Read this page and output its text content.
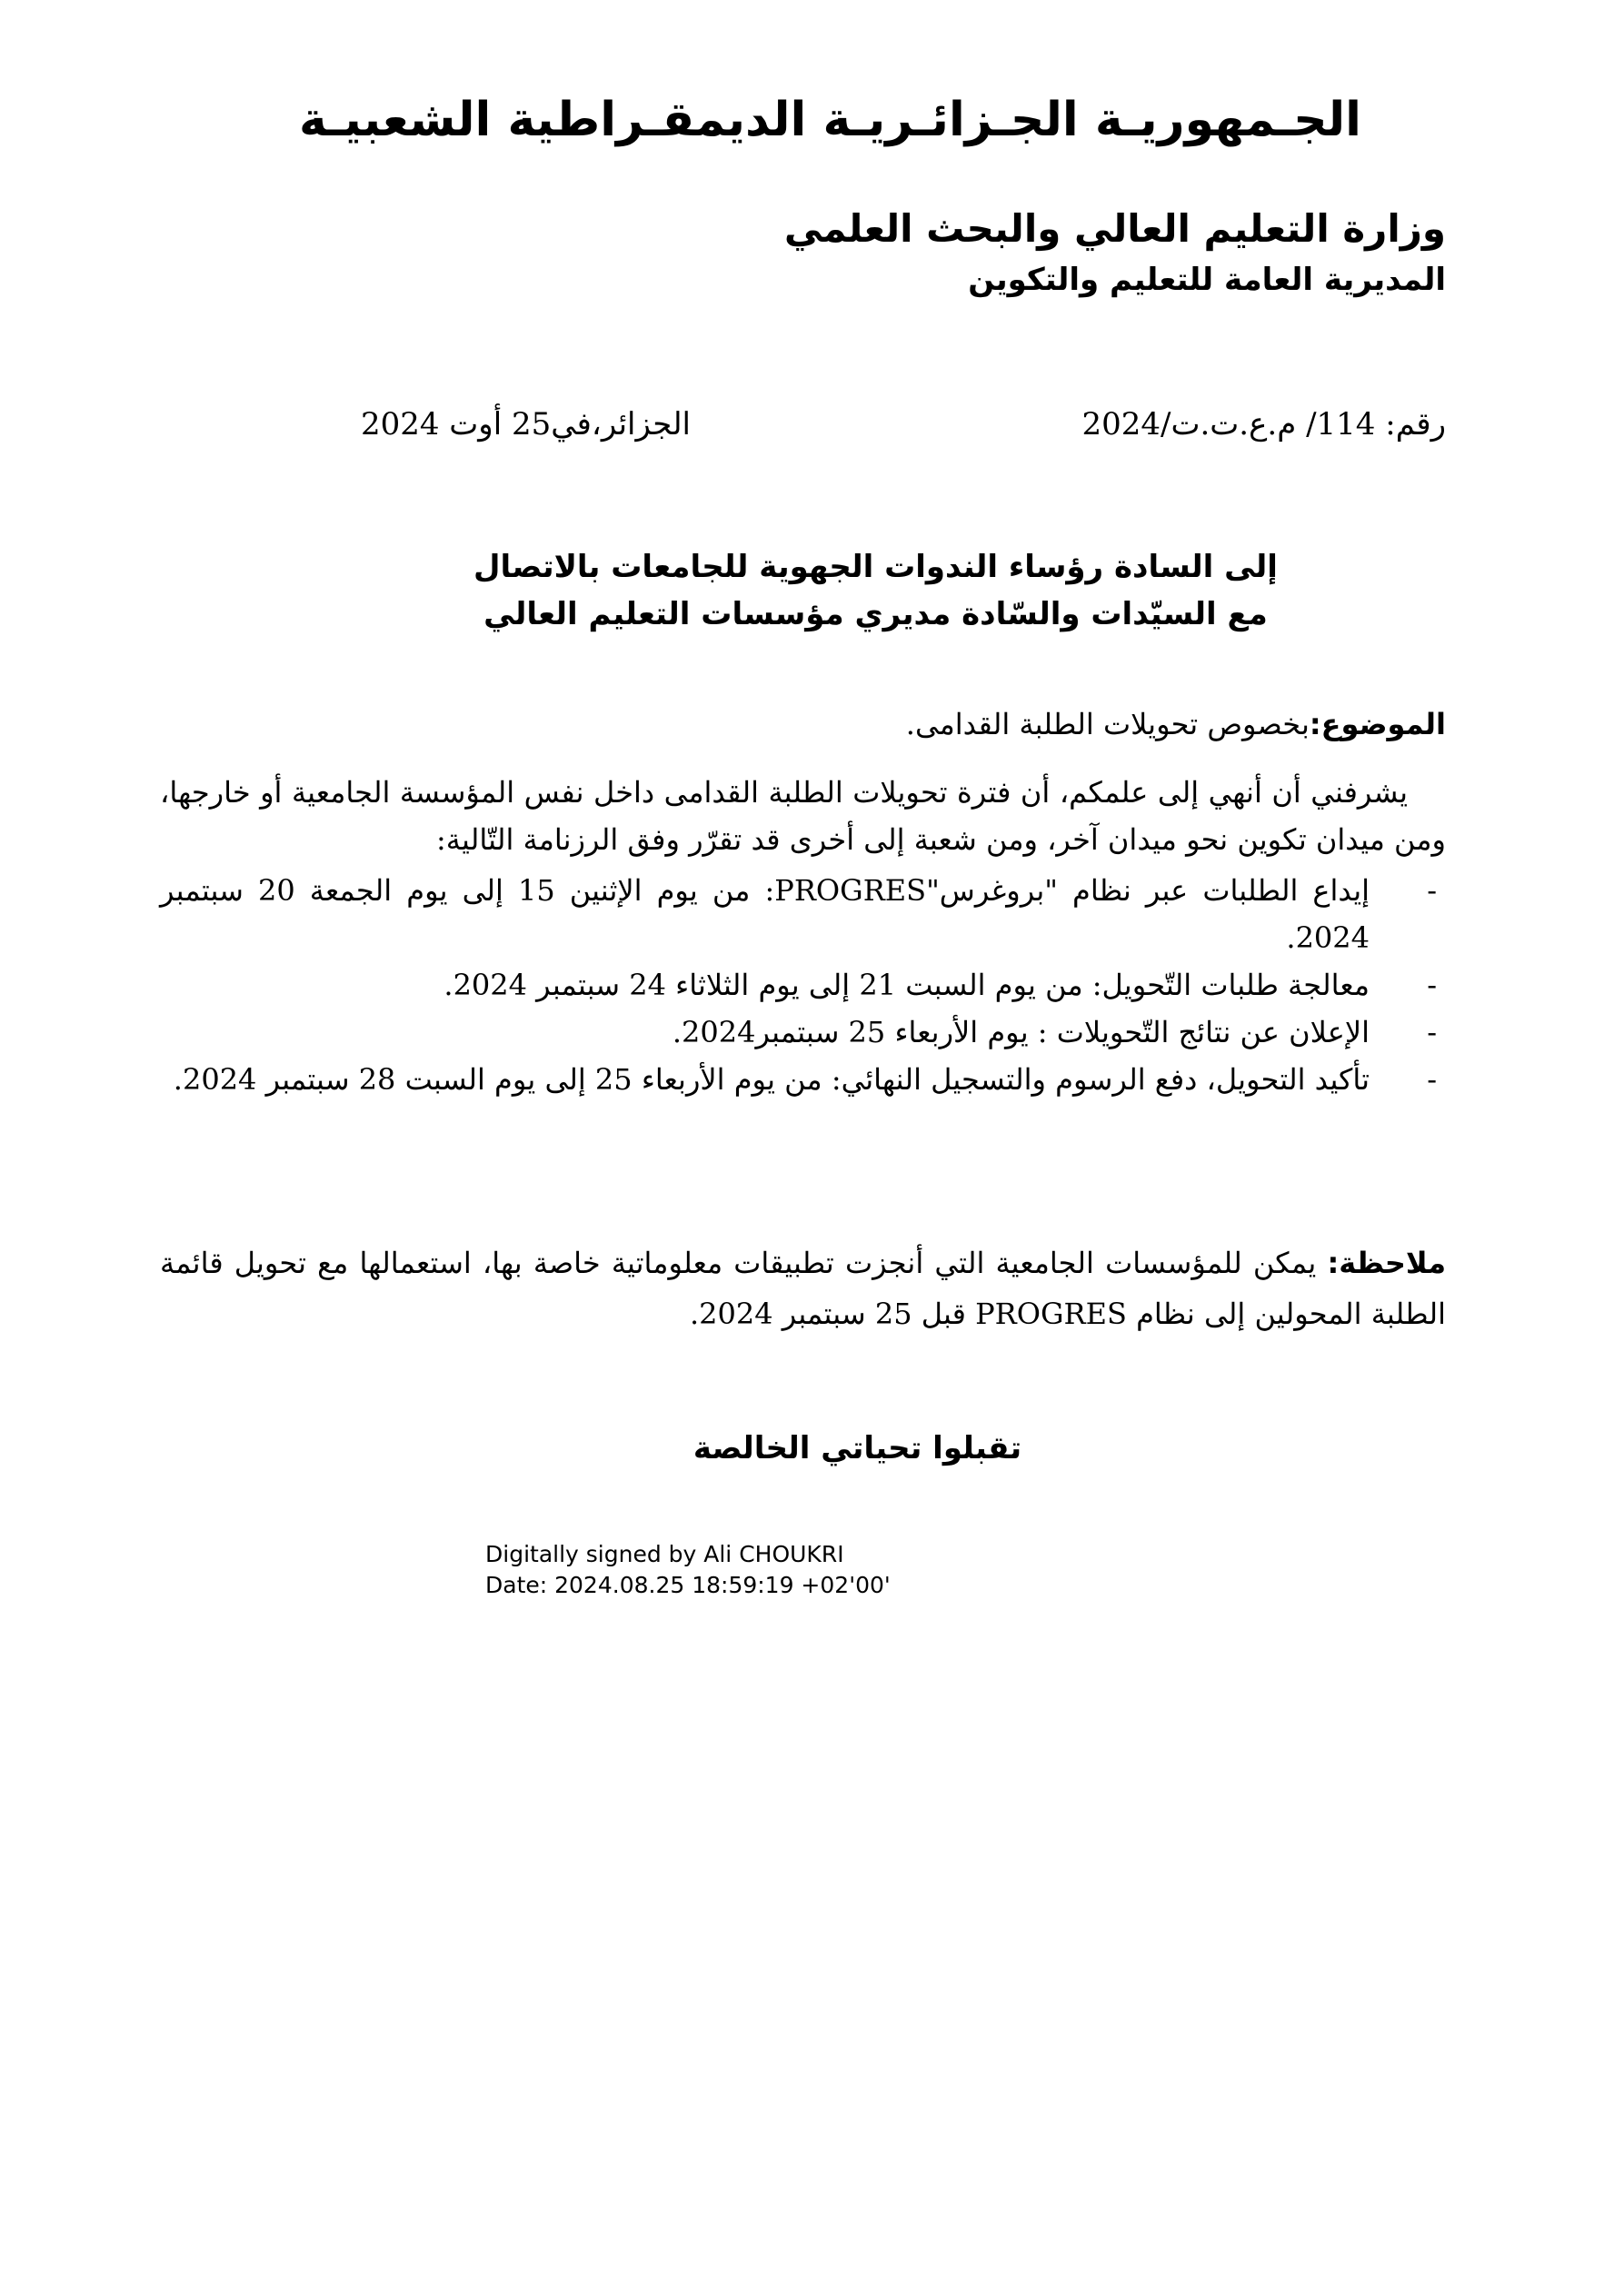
الجـمهوريـة الجـزائـريـة الديمقـراطية الشعبيـة
وزارة التعليم العالي والبحث العلمي
المديرية العامة للتعليم والتكوين
رقم: 114/ م.ع.ت.ت/2024
الجزائر،في25 أوت 2024
إلى السادة رؤساء الندوات الجهوية للجامعات بالاتصال
مع السيّدات والسّادة مديري مؤسسات التعليم العالي
الموضوع:بخصوص تحويلات الطلبة القدامى.
يشرفني أن أنهي إلى علمكم، أن فترة تحويلات الطلبة القدامى داخل نفس المؤسسة الجامعية أو خارجها، ومن ميدان تكوين نحو ميدان آخر، ومن شعبة إلى أخرى قد تقرّر وفق الرزنامة التّالية:
-
إيداع الطلبات عبر نظام "بروغرس"PROGRES: من يوم الإثنين 15 إلى يوم الجمعة 20 سبتمبر 2024.
-
معالجة طلبات التّحويل: من يوم السبت 21 إلى يوم الثلاثاء 24 سبتمبر 2024.
-
الإعلان عن نتائج التّحويلات : يوم الأربعاء 25 سبتمبر2024.
-
تأكيد التحويل، دفع الرسوم والتسجيل النهائي: من يوم الأربعاء 25 إلى يوم السبت 28 سبتمبر 2024.
ملاحظة: يمكن للمؤسسات الجامعية التي أنجزت تطبيقات معلوماتية خاصة بها، استعمالها مع تحويل قائمة الطلبة المحولين إلى نظام PROGRES قبل 25 سبتمبر 2024.
تقبلوا تحياتي الخالصة
Digitally signed by Ali CHOUKRI
Date: 2024.08.25 18:59:19 +02'00'
